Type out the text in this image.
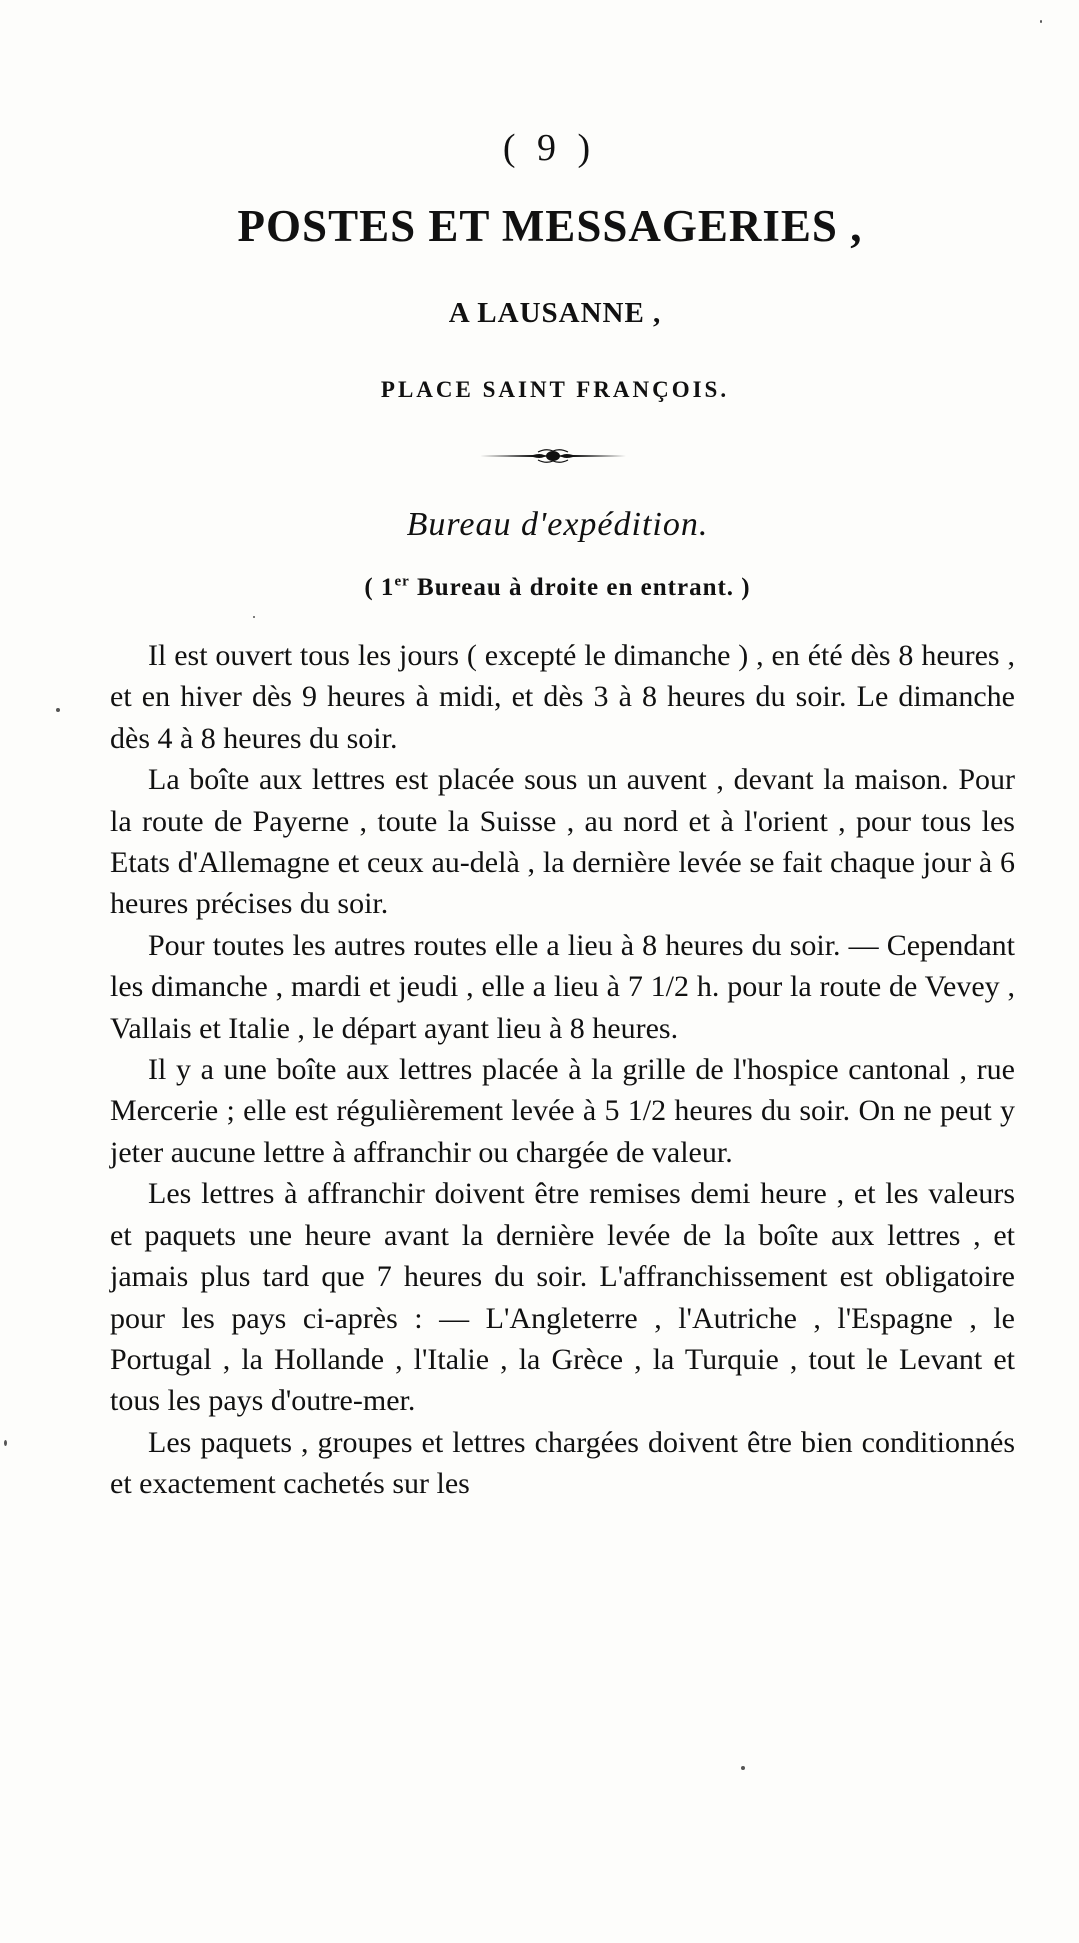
( 9 )
POSTES ET MESSAGERIES ,
A LAUSANNE ,
PLACE SAINT FRANÇOIS.
Bureau d'expédition.
( 1er Bureau à droite en entrant. )

Il est ouvert tous les jours ( excepté le dimanche ) , en été dès 8 heures , et en hiver dès 9 heures à midi, et dès 3 à 8 heures du soir. Le dimanche dès 4 à 8 heures du soir.

La boîte aux lettres est placée sous un auvent , devant la maison. Pour la route de Payerne , toute la Suisse , au nord et à l'orient , pour tous les Etats d'Allemagne et ceux au-delà , la dernière levée se fait chaque jour à 6 heures précises du soir.

Pour toutes les autres routes elle a lieu à 8 heures du soir. — Cependant les dimanche , mardi et jeudi , elle a lieu à 7 1/2 h. pour la route de Vevey , Vallais et Italie , le départ ayant lieu à 8 heures.

Il y a une boîte aux lettres placée à la grille de l'hospice cantonal , rue Mercerie ; elle est régulièrement levée à 5 1/2 heures du soir. On ne peut y jeter aucune lettre à affranchir ou chargée de valeur.

Les lettres à affranchir doivent être remises demi heure , et les valeurs et paquets une heure avant la dernière levée de la boîte aux lettres , et jamais plus tard que 7 heures du soir. L'affranchissement est obligatoire pour les pays ci-après : — L'Angleterre , l'Autriche , l'Espagne , le Portugal , la Hollande , l'Italie , la Grèce , la Turquie , tout le Levant et tous les pays d'outre-mer.

Les paquets , groupes et lettres chargées doivent être bien conditionnés et exactement cachetés sur les
